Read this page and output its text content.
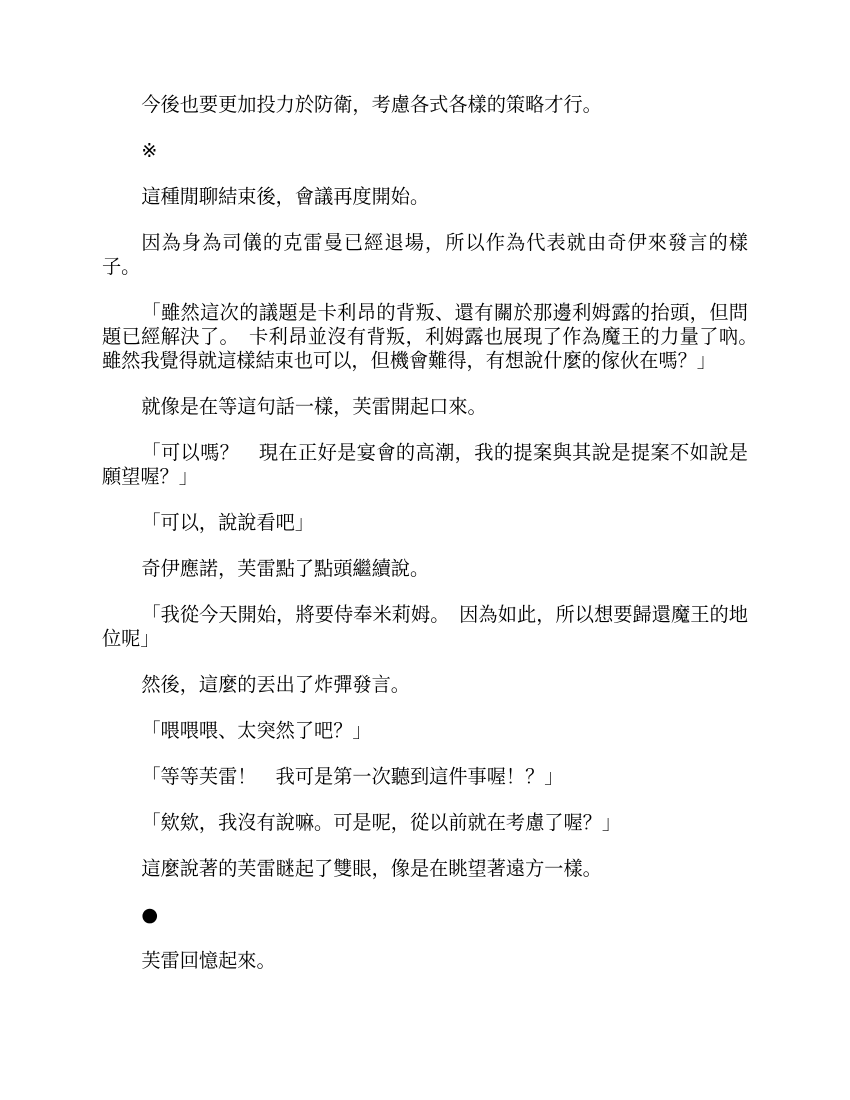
今後也要更加投力於防衛，考慮各式各樣的策略才行。

※

這種閒聊結束後，會議再度開始。

因為身為司儀的克雷曼已經退場，所以作為代表就由奇伊來發言的樣子。

「雖然這次的議題是卡利昂的背叛、還有關於那邊利姆露的抬頭，但問題已經解決了。　卡利昂並沒有背叛，利姆露也展現了作為魔王的力量了吶。　雖然我覺得就這樣結束也可以，但機會難得，有想說什麼的傢伙在嗎？」

就像是在等這句話一樣，芙雷開起口來。

「可以嗎？　現在正好是宴會的高潮，我的提案與其說是提案不如說是願望喔？」

「可以，說說看吧」

奇伊應諾，芙雷點了點頭繼續說。

「我從今天開始，將要侍奉米莉姆。　因為如此，所以想要歸還魔王的地位呢」

然後，這麼的丟出了炸彈發言。

「喂喂喂、太突然了吧？」

「等等芙雷！　我可是第一次聽到這件事喔！？」

「欸欸，我沒有說嘛。可是呢，從以前就在考慮了喔？」

這麼說著的芙雷瞇起了雙眼，像是在眺望著遠方一樣。

●

芙雷回憶起來。
